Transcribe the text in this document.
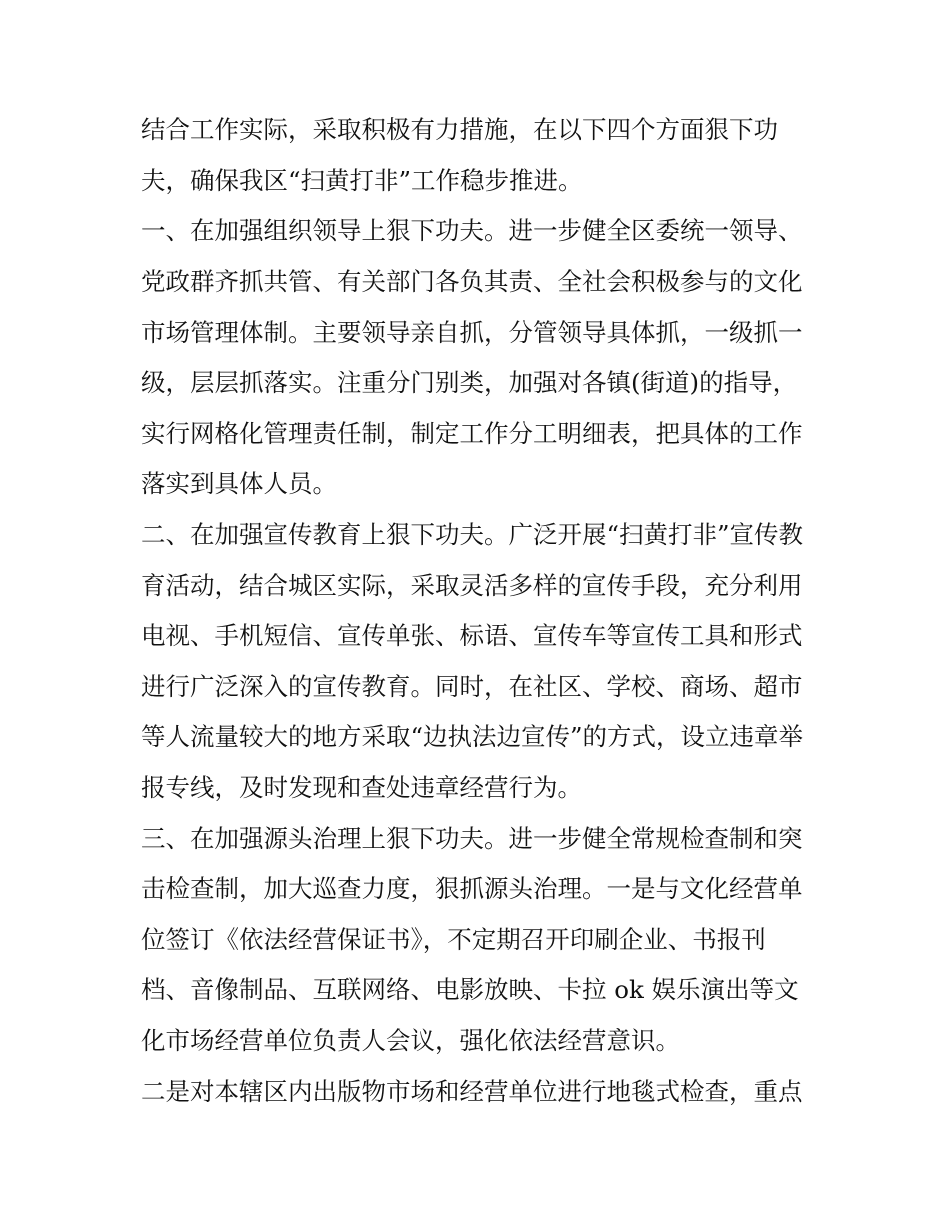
结合工作实际，采取积极有力措施，在以下四个方面狠下功
夫，确保我区“扫黄打非”工作稳步推进。
一、在加强组织领导上狠下功夫。进一步健全区委统一领导、
党政群齐抓共管、有关部门各负其责、全社会积极参与的文化
市场管理体制。主要领导亲自抓，分管领导具体抓，一级抓一
级，层层抓落实。注重分门别类，加强对各镇(街道)的指导，
实行网格化管理责任制，制定工作分工明细表，把具体的工作
落实到具体人员。
二、在加强宣传教育上狠下功夫。广泛开展“扫黄打非”宣传教
育活动，结合城区实际，采取灵活多样的宣传手段，充分利用
电视、手机短信、宣传单张、标语、宣传车等宣传工具和形式
进行广泛深入的宣传教育。同时，在社区、学校、商场、超市
等人流量较大的地方采取“边执法边宣传”的方式，设立违章举
报专线，及时发现和查处违章经营行为。
三、在加强源头治理上狠下功夫。进一步健全常规检查制和突
击检查制，加大巡查力度，狠抓源头治理。一是与文化经营单
位签订《依法经营保证书》，不定期召开印刷企业、书报刊
档、音像制品、互联网络、电影放映、卡拉 ok 娱乐演出等文
化市场经营单位负责人会议，强化依法经营意识。
二是对本辖区内出版物市场和经营单位进行地毯式检查，重点
